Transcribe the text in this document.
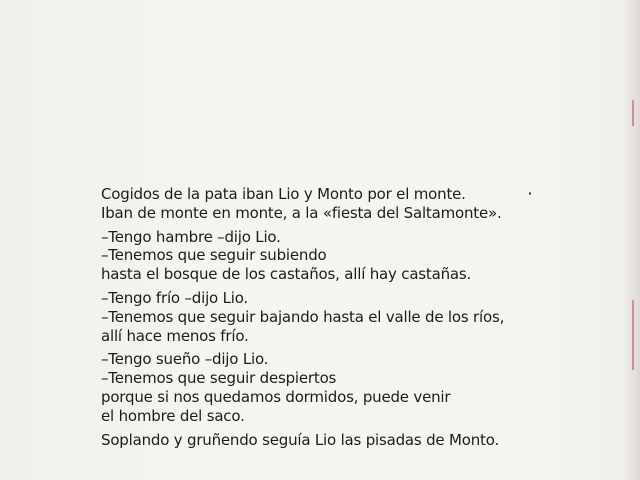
Cogidos de la pata iban Lio y Monto por el monte.
Iban de monte en monte, a la «fiesta del Saltamonte».
–Tengo hambre –dijo Lio.
–Tenemos que seguir subiendo
hasta el bosque de los castaños, allí hay castañas.
–Tengo frío –dijo Lio.
–Tenemos que seguir bajando hasta el valle de los ríos,
allí hace menos frío.
–Tengo sueño –dijo Lio.
–Tenemos que seguir despiertos
porque si nos quedamos dormidos, puede venir
el hombre del saco.
Soplando y gruñendo seguía Lio las pisadas de Monto.
